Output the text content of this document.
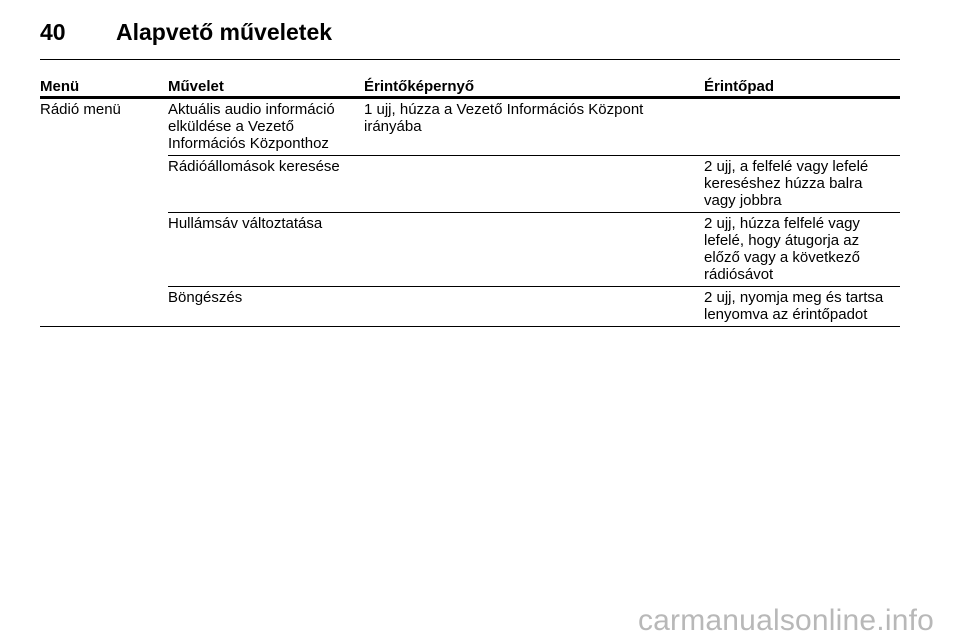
40 Alapvető műveletek
Menü	Művelet	Érintőképernyő	Érintőpad
Rádió menü	Aktuális audio információ elküldése a Vezető Információs Központhoz	1 ujj, húzza a Vezető Információs Központ irányába	
	Rádióállomások keresése		2 ujj, a felfelé vagy lefelé kereséshez húzza balra vagy jobbra
	Hullámsáv változtatása		2 ujj, húzza felfelé vagy lefelé, hogy átugorja az előző vagy a következő rádiósávot
	Böngészés		2 ujj, nyomja meg és tartsa lenyomva az érintőpadot
carmanualsonline.info
